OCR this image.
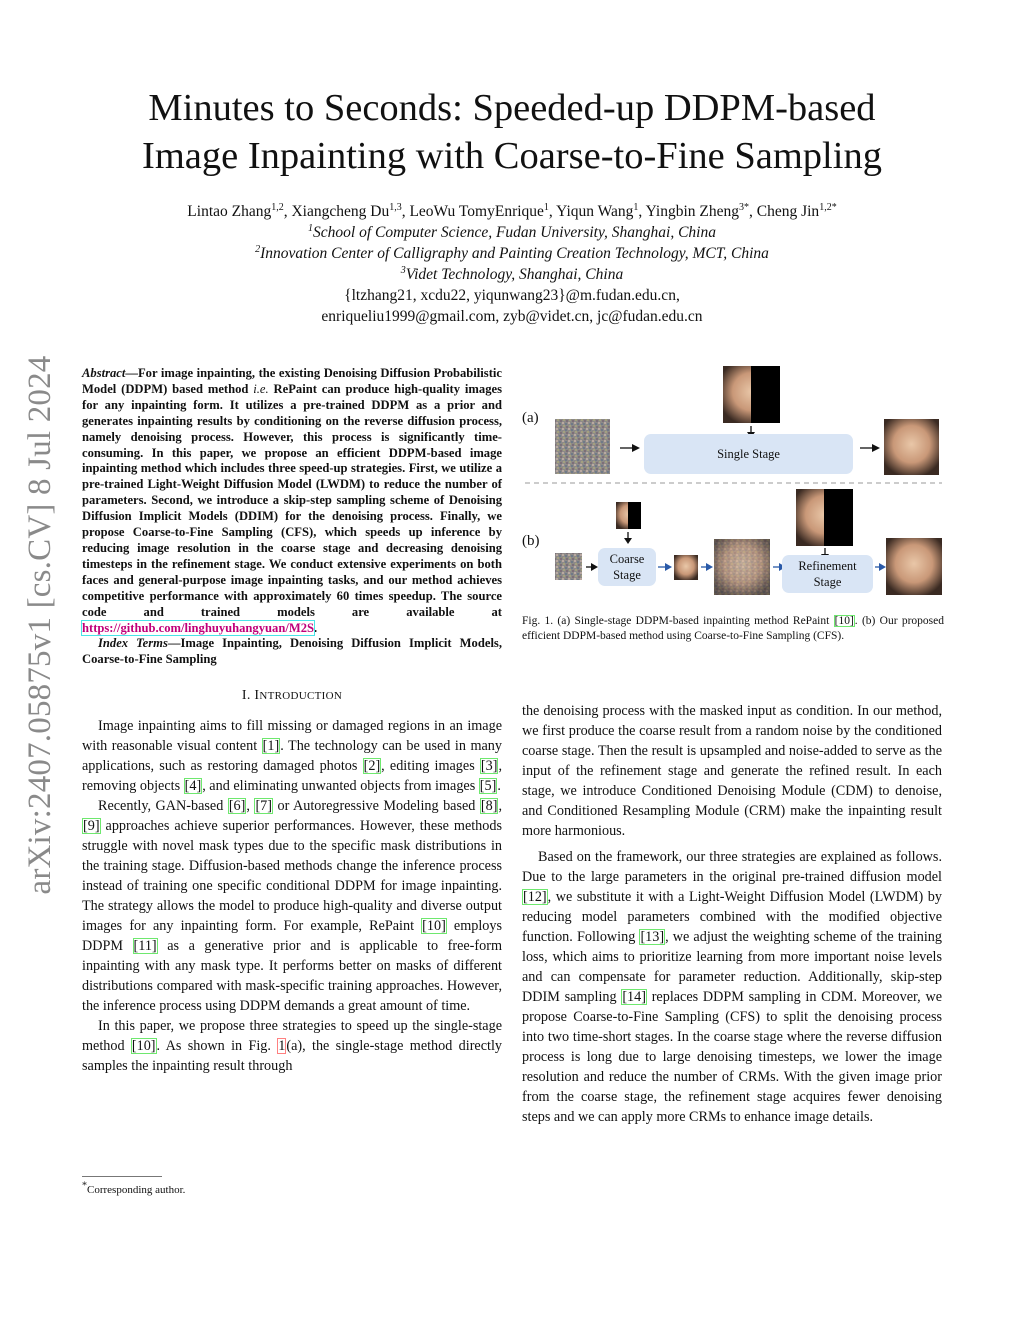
arXiv:2407.05875v1 [cs.CV] 8 Jul 2024
Minutes to Seconds: Speeded-up DDPM-based
Image Inpainting with Coarse-to-Fine Sampling
Lintao Zhang$^{1,2}$, Xiangcheng Du$^{1,3}$, LeoWu TomyEnrique$^1$, Yiqun Wang$^1$, Yingbin Zheng$^{3*}$, Cheng Jin$^{1,2*}$
$^1$School of Computer Science, Fudan University, Shanghai, China
$^2$Innovation Center of Calligraphy and Painting Creation Technology, MCT, China
$^3$Videt Technology, Shanghai, China
{ltzhang21, xcdu22, yiqunwang23}@m.fudan.edu.cn,
enriqueliu1999@gmail.com, zyb@videt.cn, jc@fudan.edu.cn

Abstract—For image inpainting, the existing Denoising Diffusion Probabilistic Model (DDPM) based method i.e. RePaint can produce high-quality images for any inpainting form. It utilizes a pre-trained DDPM as a prior and generates inpainting results by conditioning on the reverse diffusion process, namely denoising process. However, this process is significantly time-consuming. In this paper, we propose an efficient DDPM-based image inpainting method which includes three speed-up strategies. First, we utilize a pre-trained Light-Weight Diffusion Model (LWDM) to reduce the number of parameters. Second, we introduce a skip-step sampling scheme of Denoising Diffusion Implicit Models (DDIM) for the denoising process. Finally, we propose Coarse-to-Fine Sampling (CFS), which speeds up inference by reducing image resolution in the coarse stage and decreasing denoising timesteps in the refinement stage. We conduct extensive experiments on both faces and general-purpose image inpainting tasks, and our method achieves competitive performance with approximately 60 times speedup. The source code and trained models are available at https://github.com/linghuyuhangyuan/M2S.

Index Terms—Image Inpainting, Denoising Diffusion Implicit Models, Coarse-to-Fine Sampling

I. INTRODUCTION

Image inpainting aims to fill missing or damaged regions in an image with reasonable visual content [1]. The technology can be used in many applications, such as restoring damaged photos [2], editing images [3], removing objects [4], and eliminating unwanted objects from images [5].

Recently, GAN-based [6], [7] or Autoregressive Modeling based [8], [9] approaches achieve superior performances. However, these methods struggle with novel mask types due to the specific mask distributions in the training stage. Diffusion-based methods change the inference process instead of training one specific conditional DDPM for image inpainting. The strategy allows the model to produce high-quality and diverse output images for any inpainting form. For example, RePaint [10] employs DDPM [11] as a generative prior and is applicable to free-form inpainting with any mask type. It performs better on masks of different distributions compared with mask-specific training approaches. However, the inference process using DDPM demands a great amount of time.

In this paper, we propose three strategies to speed up the single-stage method [10]. As shown in Fig. 1(a), the single-stage method directly samples the inpainting result through

*Corresponding author.
(a)
(b)
Single Stage
Coarse
Stage
Refinement
Stage
Fig. 1. (a) Single-stage DDPM-based inpainting method RePaint [10]. (b) Our proposed efficient DDPM-based method using Coarse-to-Fine Sampling (CFS).

the denoising process with the masked input as condition. In our method, we first produce the coarse result from a random noise by the conditioned coarse stage. Then the result is upsampled and noise-added to serve as the input of the refinement stage and generate the refined result. In each stage, we introduce Conditioned Denoising Module (CDM) to denoise, and Conditioned Resampling Module (CRM) make the inpainting result more harmonious.

Based on the framework, our three strategies are explained as follows. Due to the large parameters in the original pre-trained diffusion model [12], we substitute it with a Light-Weight Diffusion Model (LWDM) by reducing model parameters combined with the modified objective function. Following [13], we adjust the weighting scheme of the training loss, which aims to prioritize learning from more important noise levels and can compensate for parameter reduction. Additionally, skip-step DDIM sampling [14] replaces DDPM sampling in CDM. Moreover, we propose Coarse-to-Fine Sampling (CFS) to split the denoising process into two time-short stages. In the coarse stage where the reverse diffusion process is long due to large denoising timesteps, we lower the image resolution and reduce the number of CRMs. With the given image prior from the coarse stage, the refinement stage acquires fewer denoising steps and we can apply more CRMs to enhance image details.
